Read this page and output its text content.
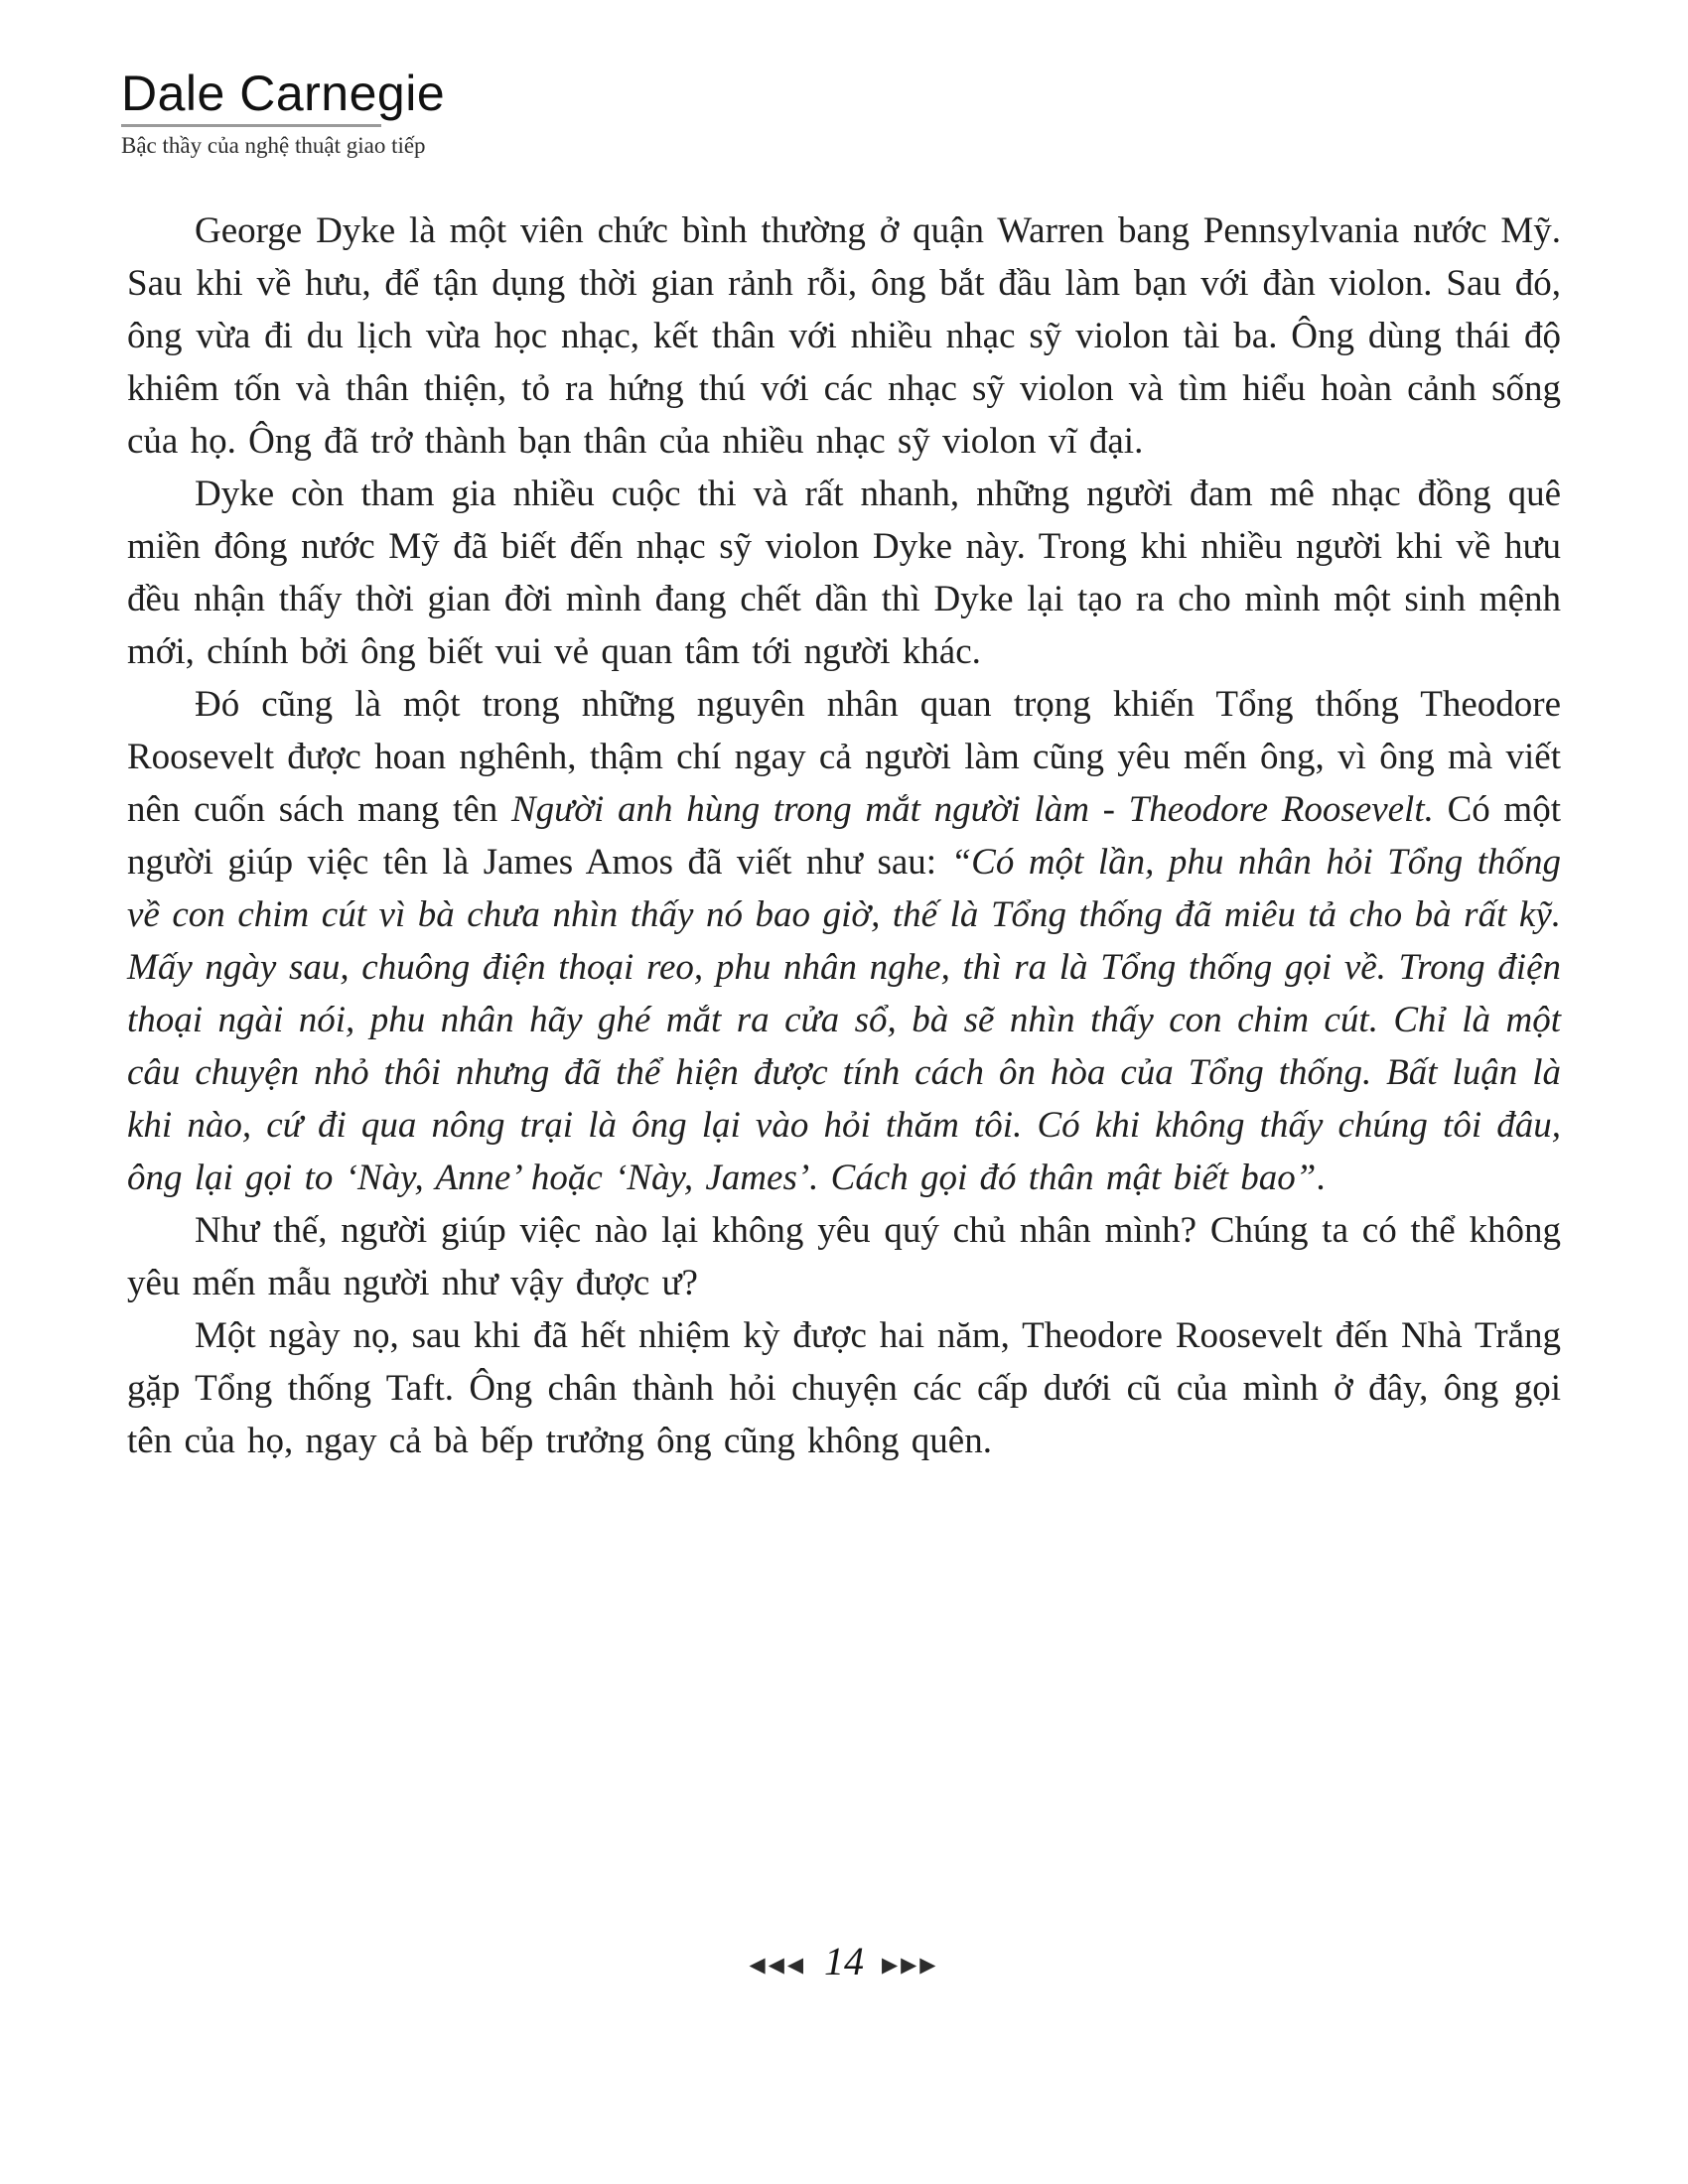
Dale Carnegie
Bậc thầy của nghệ thuật giao tiếp

George Dyke là một viên chức bình thường ở quận Warren bang Pennsylvania nước Mỹ. Sau khi về hưu, để tận dụng thời gian rảnh rỗi, ông bắt đầu làm bạn với đàn violon. Sau đó, ông vừa đi du lịch vừa học nhạc, kết thân với nhiều nhạc sỹ violon tài ba. Ông dùng thái độ khiêm tốn và thân thiện, tỏ ra hứng thú với các nhạc sỹ violon và tìm hiểu hoàn cảnh sống của họ. Ông đã trở thành bạn thân của nhiều nhạc sỹ violon vĩ đại.

Dyke còn tham gia nhiều cuộc thi và rất nhanh, những người đam mê nhạc đồng quê miền đông nước Mỹ đã biết đến nhạc sỹ violon Dyke này. Trong khi nhiều người khi về hưu đều nhận thấy thời gian đời mình đang chết dần thì Dyke lại tạo ra cho mình một sinh mệnh mới, chính bởi ông biết vui vẻ quan tâm tới người khác.

Đó cũng là một trong những nguyên nhân quan trọng khiến Tổng thống Theodore Roosevelt được hoan nghênh, thậm chí ngay cả người làm cũng yêu mến ông, vì ông mà viết nên cuốn sách mang tên Người anh hùng trong mắt người làm - Theodore Roosevelt. Có một người giúp việc tên là James Amos đã viết như sau: “Có một lần, phu nhân hỏi Tổng thống về con chim cút vì bà chưa nhìn thấy nó bao giờ, thế là Tổng thống đã miêu tả cho bà rất kỹ. Mấy ngày sau, chuông điện thoại reo, phu nhân nghe, thì ra là Tổng thống gọi về. Trong điện thoại ngài nói, phu nhân hãy ghé mắt ra cửa sổ, bà sẽ nhìn thấy con chim cút. Chỉ là một câu chuyện nhỏ thôi nhưng đã thể hiện được tính cách ôn hòa của Tổng thống. Bất luận là khi nào, cứ đi qua nông trại là ông lại vào hỏi thăm tôi. Có khi không thấy chúng tôi đâu, ông lại gọi to ‘Này, Anne’ hoặc ‘Này, James’. Cách gọi đó thân mật biết bao”.

Như thế, người giúp việc nào lại không yêu quý chủ nhân mình? Chúng ta có thể không yêu mến mẫu người như vậy được ư?

Một ngày nọ, sau khi đã hết nhiệm kỳ được hai năm, Theodore Roosevelt đến Nhà Trắng gặp Tổng thống Taft. Ông chân thành hỏi chuyện các cấp dưới cũ của mình ở đây, ông gọi tên của họ, ngay cả bà bếp trưởng ông cũng không quên.

◀◀◀ 14 ▶▶▶
